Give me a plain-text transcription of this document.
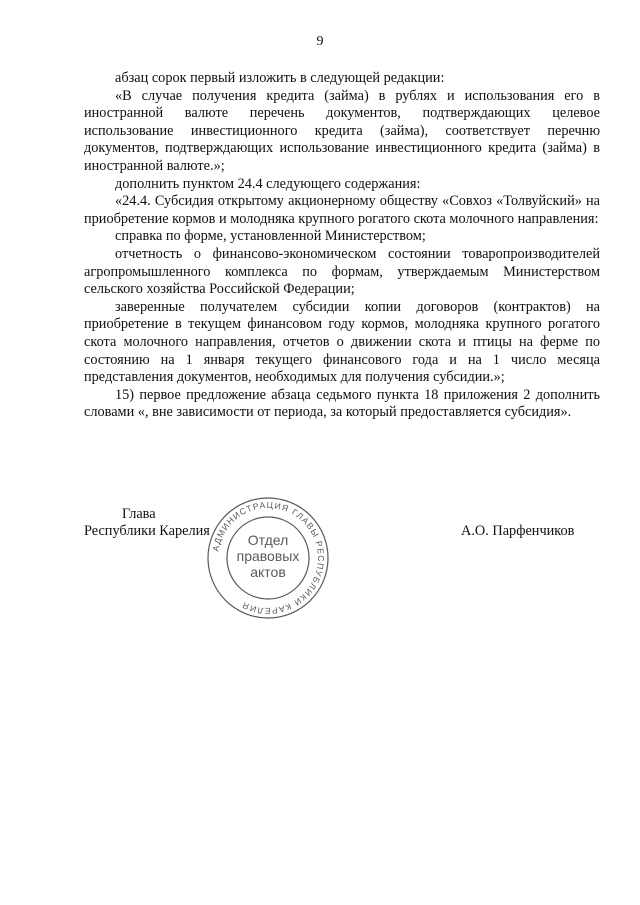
9

абзац сорок первый изложить в следующей редакции:

«В случае получения кредита (займа) в рублях и использования его в иностранной валюте перечень документов, подтверждающих целевое использование инвестиционного кредита (займа), соответствует перечню документов, подтверждающих использование инвестиционного кредита (займа) в иностранной валюте.»;

дополнить пунктом 24.4 следующего содержания:

«24.4. Субсидия открытому акционерному обществу «Совхоз «Толвуйский» на приобретение кормов и молодняка крупного рогатого скота молочного направления:

справка по форме, установленной Министерством;

отчетность о финансово-экономическом состоянии товаропроизводителей агропромышленного комплекса по формам, утверждаемым Министерством сельского хозяйства Российской Федерации;

заверенные получателем субсидии копии договоров (контрактов) на приобретение в текущем финансовом году кормов, молодняка крупного рогатого скота молочного направления, отчетов о движении скота и птицы на ферме по состоянию на 1 января текущего финансового года и на 1 число месяца представления документов, необходимых для получения субсидии.»;

15) первое предложение абзаца седьмого пункта 18 приложения 2 дополнить словами «, вне зависимости от периода, за который предоставляется субсидия».

Глава
Республики Карелия	А.О. Парфенчиков
АДМИНИСТРАЦИЯ ГЛАВЫ РЕСПУБЛИКИ КАРЕЛИЯ
Отдел
правовых
актов
